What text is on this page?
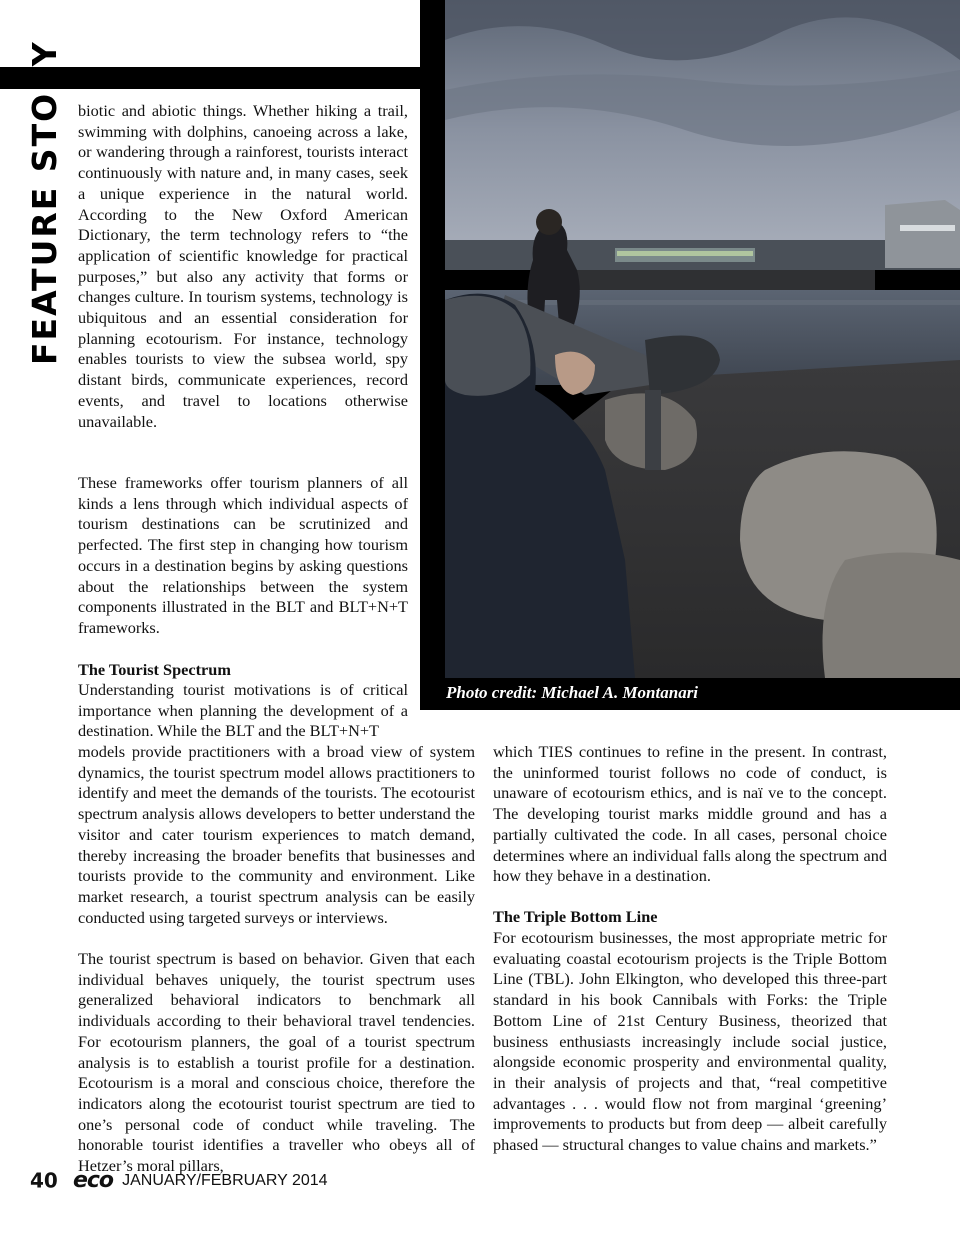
FEATURE STORY
Photo credit: Michael A. Montanari

biotic and abiotic things. Whether hiking a trail, swimming with dolphins, canoeing across a lake, or wandering through a rainforest, tourists interact continuously with nature and, in many cases, seek a unique experience in the natural world. According to the New Oxford American Dictionary, the term technology refers to “the application of scientific knowledge for practical purposes,” but also any activity that forms or changes culture. In tourism systems, technology is ubiquitous and an essential consideration for planning ecotourism. For instance, technology enables tourists to view the subsea world, spy distant birds, communicate experiences, record events, and travel to locations otherwise unavailable.

These frameworks offer tourism planners of all kinds a lens through which individual aspects of tourism destinations can be scrutinized and perfected. The first step in changing how tourism occurs in a destination begins by asking questions about the relationships between the system components illustrated in the BLT and BLT+N+T frameworks.

The Tourist Spectrum

Understanding tourist motivations is of critical importance when planning the development of a destination. While the BLT and the BLT+N+T

models provide practitioners with a broad view of system dynamics, the tourist spectrum model allows practitioners to identify and meet the demands of the tourists. The ecotourist spectrum analysis allows developers to better understand the visitor and cater tourism experiences to match demand, thereby increasing the broader benefits that businesses and tourists provide to the community and environment. Like market research, a tourist spectrum analysis can be easily conducted using targeted surveys or interviews.

The tourist spectrum is based on behavior. Given that each individual behaves uniquely, the tourist spectrum uses generalized behavioral indicators to benchmark all individuals according to their behavioral travel tendencies. For ecotourism planners, the goal of a tourist spectrum analysis is to establish a tourist profile for a destination. Ecotourism is a moral and conscious choice, therefore the indicators along the ecotourist tourist spectrum are tied to one’s personal code of conduct while traveling. The honorable tourist identifies a traveller who obeys all of Hetzer’s moral pillars,

which TIES continues to refine in the present. In contrast, the uninformed tourist follows no code of conduct, is unaware of ecotourism ethics, and is naï ve to the concept. The developing tourist marks middle ground and has a partially cultivated the code. In all cases, personal choice determines where an individual falls along the spectrum and how they behave in a destination.

The Triple Bottom Line

For ecotourism businesses, the most appropriate metric for evaluating coastal ecotourism projects is the Triple Bottom Line (TBL). John Elkington, who developed this three-part standard in his book Cannibals with Forks: the Triple Bottom Line of 21st Century Business, theorized that business enthusiasts increasingly include social justice, alongside economic prosperity and environmental quality, in their analysis of projects and that, “real competitive advantages . . . would flow not from marginal ‘greening’ improvements to products but from deep — albeit carefully phased — structural changes to value chains and markets.”

40 eco JANUARY/FEBRUARY 2014
